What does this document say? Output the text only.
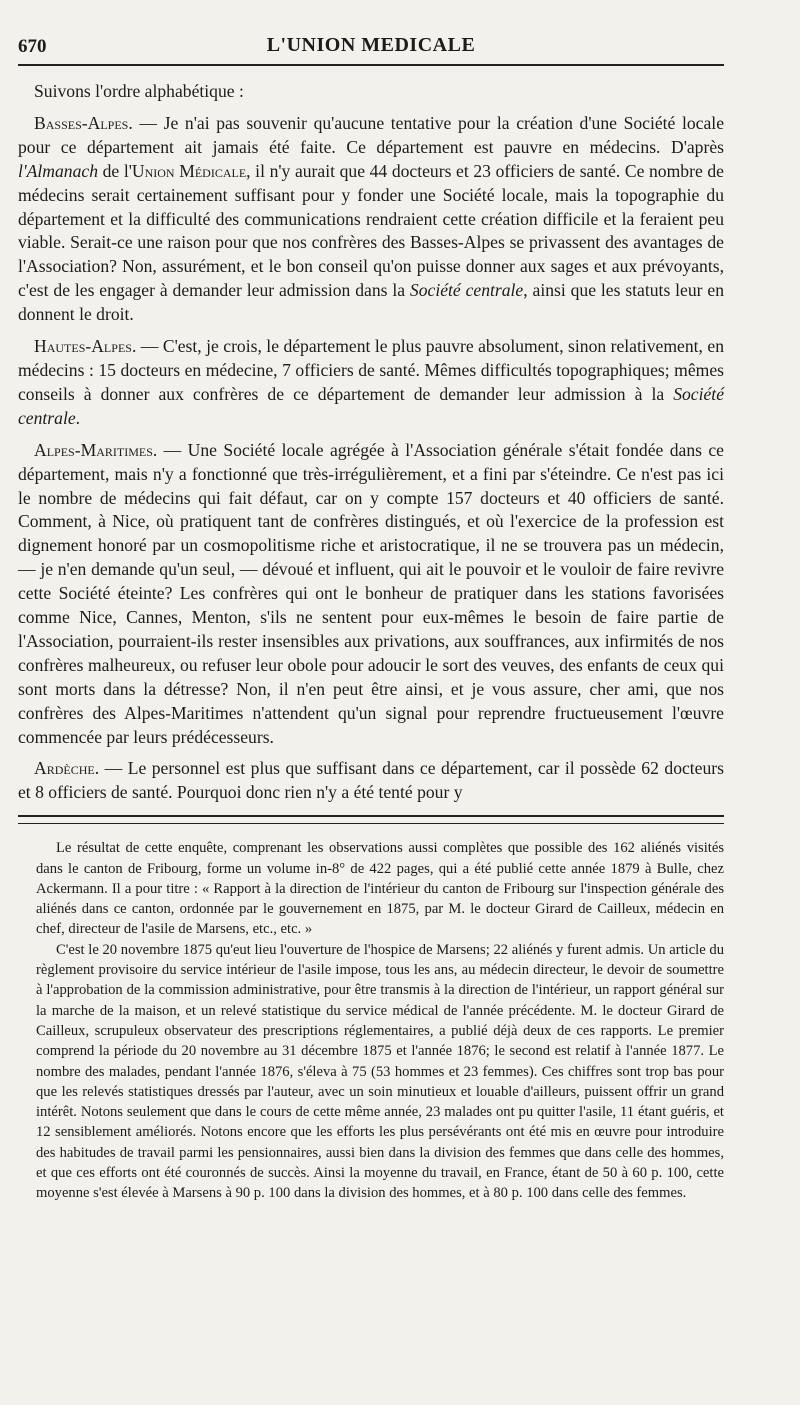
670	L'UNION MEDICALE

Suivons l'ordre alphabétique :

Basses-Alpes. — Je n'ai pas souvenir qu'aucune tentative pour la création d'une Société locale pour ce département ait jamais été faite. Ce département est pauvre en médecins. D'après l'Almanach de l'Union Médicale, il n'y aurait que 44 docteurs et 23 officiers de santé. Ce nombre de médecins serait certainement suffisant pour y fonder une Société locale, mais la topographie du département et la difficulté des communications rendraient cette création difficile et la feraient peu viable. Serait-ce une raison pour que nos confrères des Basses-Alpes se privassent des avantages de l'Association? Non, assurément, et le bon conseil qu'on puisse donner aux sages et aux prévoyants, c'est de les engager à demander leur admission dans la Société centrale, ainsi que les statuts leur en donnent le droit.

Hautes-Alpes. — C'est, je crois, le département le plus pauvre absolument, sinon relativement, en médecins : 15 docteurs en médecine, 7 officiers de santé. Mêmes difficultés topographiques; mêmes conseils à donner aux confrères de ce département de demander leur admission à la Société centrale.

Alpes-Maritimes. — Une Société locale agrégée à l'Association générale s'était fondée dans ce département, mais n'y a fonctionné que très-irrégulièrement, et a fini par s'éteindre. Ce n'est pas ici le nombre de médecins qui fait défaut, car on y compte 157 docteurs et 40 officiers de santé. Comment, à Nice, où pratiquent tant de confrères distingués, et où l'exercice de la profession est dignement honoré par un cosmopolitisme riche et aristocratique, il ne se trouvera pas un médecin, — je n'en demande qu'un seul, — dévoué et influent, qui ait le pouvoir et le vouloir de faire revivre cette Société éteinte? Les confrères qui ont le bonheur de pratiquer dans les stations favorisées comme Nice, Cannes, Menton, s'ils ne sentent pour eux-mêmes le besoin de faire partie de l'Association, pourraient-ils rester insensibles aux privations, aux souffrances, aux infirmités de nos confrères malheureux, ou refuser leur obole pour adoucir le sort des veuves, des enfants de ceux qui sont morts dans la détresse? Non, il n'en peut être ainsi, et je vous assure, cher ami, que nos confrères des Alpes-Maritimes n'attendent qu'un signal pour reprendre fructueusement l'œuvre commencée par leurs prédécesseurs.

Ardèche. — Le personnel est plus que suffisant dans ce département, car il possède 62 docteurs et 8 officiers de santé. Pourquoi donc rien n'y a été tenté pour y

Le résultat de cette enquête, comprenant les observations aussi complètes que possible des 162 aliénés visités dans le canton de Fribourg, forme un volume in-8° de 422 pages, qui a été publié cette année 1879 à Bulle, chez Ackermann. Il a pour titre : « Rapport à la direction de l'intérieur du canton de Fribourg sur l'inspection générale des aliénés dans ce canton, ordonnée par le gouvernement en 1875, par M. le docteur Girard de Cailleux, médecin en chef, directeur de l'asile de Marsens, etc., etc. »

C'est le 20 novembre 1875 qu'eut lieu l'ouverture de l'hospice de Marsens; 22 aliénés y furent admis. Un article du règlement provisoire du service intérieur de l'asile impose, tous les ans, au médecin directeur, le devoir de soumettre à l'approbation de la commission administrative, pour être transmis à la direction de l'intérieur, un rapport général sur la marche de la maison, et un relevé statistique du service médical de l'année précédente. M. le docteur Girard de Cailleux, scrupuleux observateur des prescriptions réglementaires, a publié déjà deux de ces rapports. Le premier comprend la période du 20 novembre au 31 décembre 1875 et l'année 1876; le second est relatif à l'année 1877. Le nombre des malades, pendant l'année 1876, s'éleva à 75 (53 hommes et 23 femmes). Ces chiffres sont trop bas pour que les relevés statistiques dressés par l'auteur, avec un soin minutieux et louable d'ailleurs, puissent offrir un grand intérêt. Notons seulement que dans le cours de cette même année, 23 malades ont pu quitter l'asile, 11 étant guéris, et 12 sensiblement améliorés. Notons encore que les efforts les plus persévérants ont été mis en œuvre pour introduire des habitudes de travail parmi les pensionnaires, aussi bien dans la division des femmes que dans celle des hommes, et que ces efforts ont été couronnés de succès. Ainsi la moyenne du travail, en France, étant de 50 à 60 p. 100, cette moyenne s'est élevée à Marsens à 90 p. 100 dans la division des hommes, et à 80 p. 100 dans celle des femmes.
